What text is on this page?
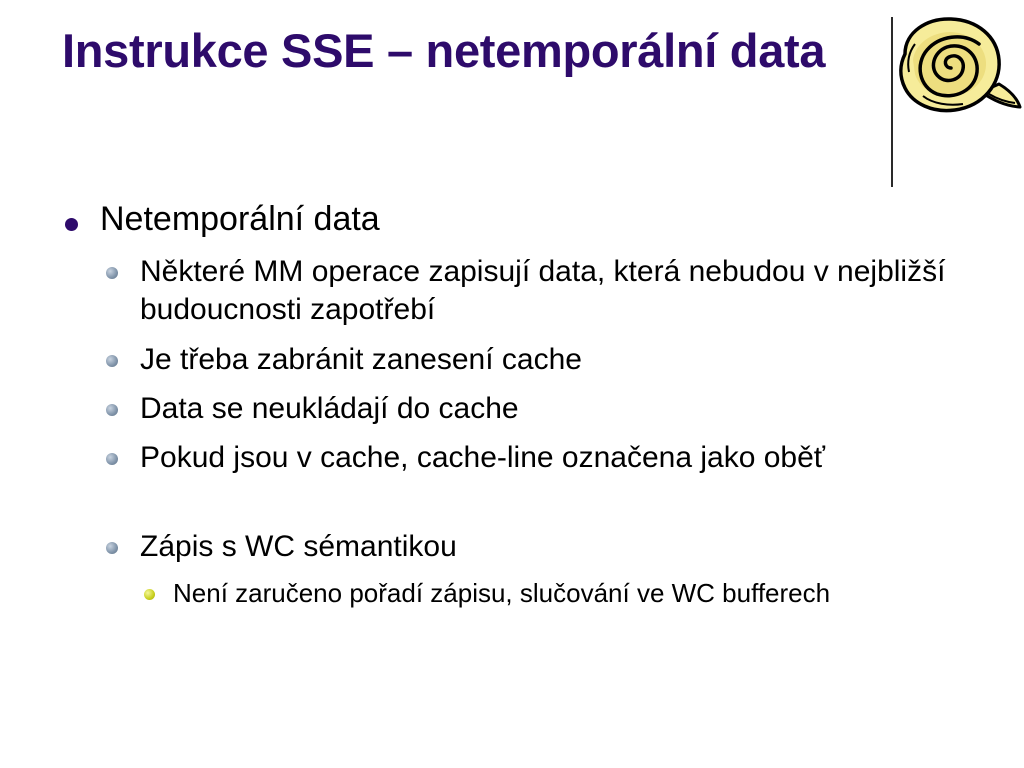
Instrukce SSE – netemporální data
Netemporální data
Některé MM operace zapisují data, která nebudou v nejbližší budoucnosti zapotřebí
Je třeba zabránit zanesení cache
Data se neukládají do cache
Pokud jsou v cache, cache-line označena jako oběť
Zápis s WC sémantikou
Není zaručeno pořadí zápisu, slučování ve WC bufferech
